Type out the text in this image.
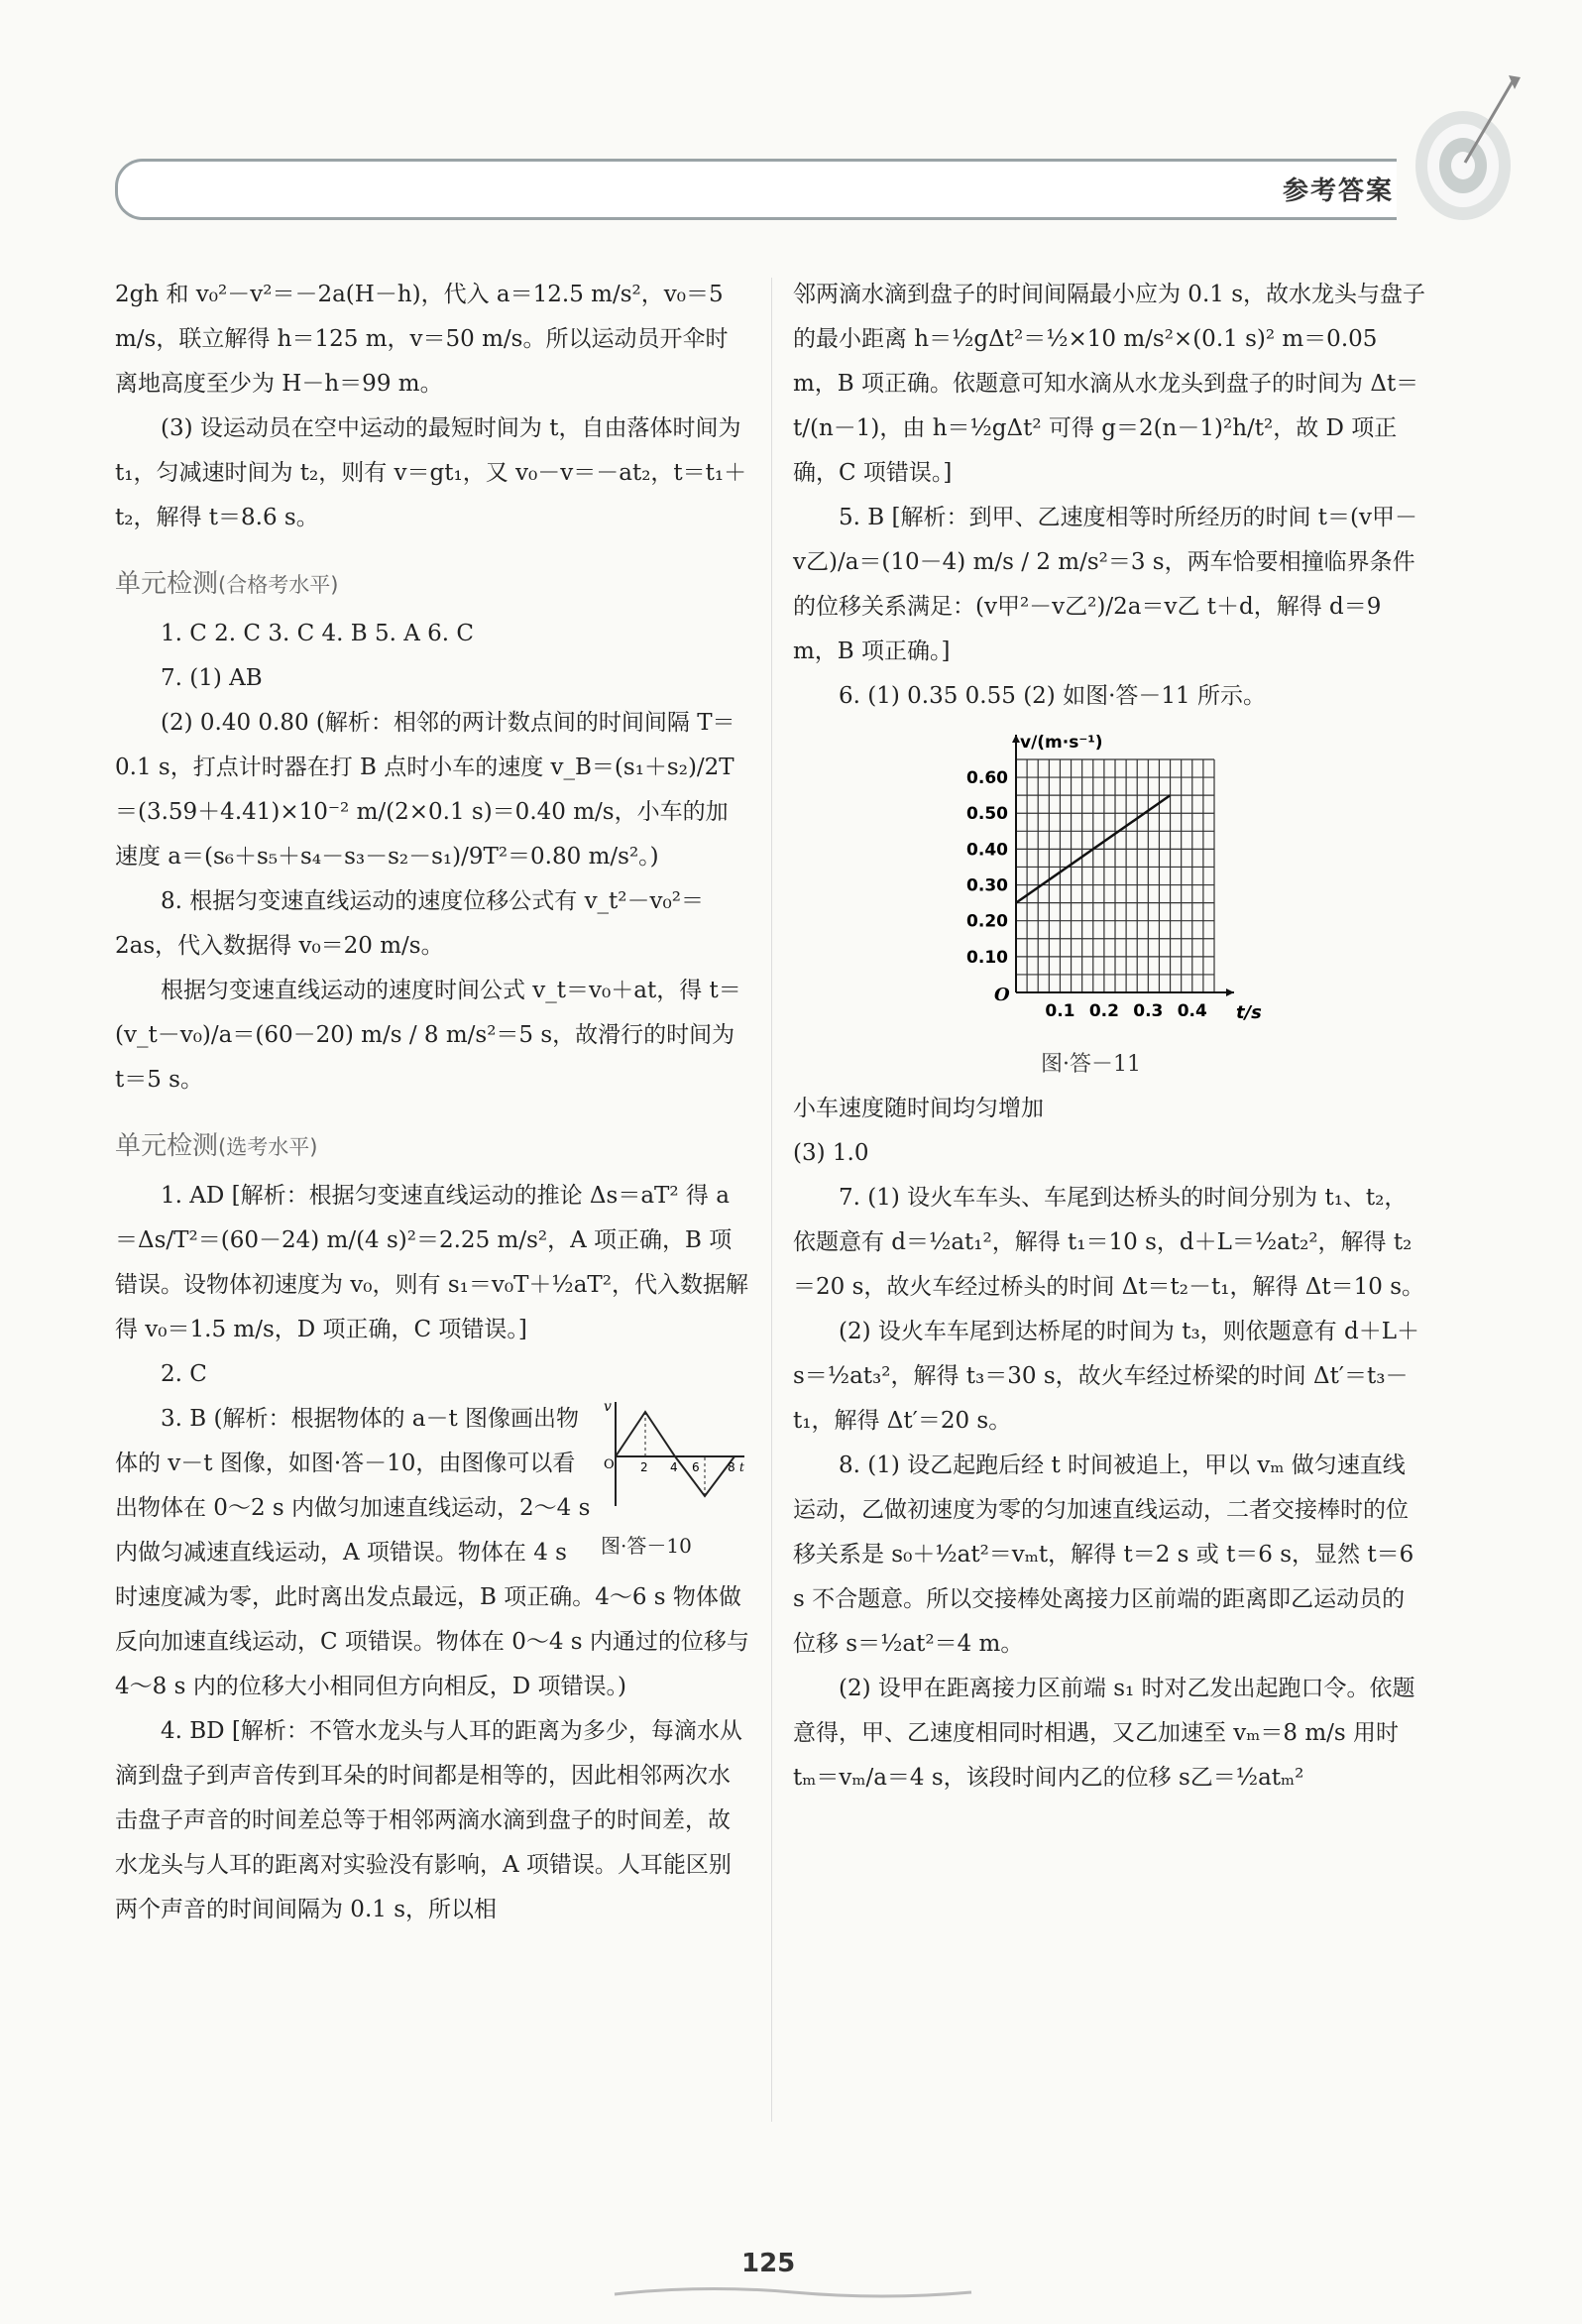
参考答案

2gh 和 v₀²－v²＝－2a(H－h)，代入 a＝12.5 m/s²，v₀＝5 m/s，联立解得 h＝125 m，v＝50 m/s。所以运动员开伞时离地高度至少为 H－h＝99 m。

(3) 设运动员在空中运动的最短时间为 t，自由落体时间为 t₁，匀减速时间为 t₂，则有 v＝gt₁，又 v₀－v＝－at₂，t＝t₁＋t₂，解得 t＝8.6 s。

单元检测(合格考水平)

1. C 2. C 3. C 4. B 5. A 6. C

7. (1) AB

(2) 0.40 0.80 (解析：相邻的两计数点间的时间间隔 T＝0.1 s，打点计时器在打 B 点时小车的速度 v_B＝(s₁＋s₂)/2T＝(3.59＋4.41)×10⁻² m/(2×0.1 s)＝0.40 m/s，小车的加速度 a＝(s₆＋s₅＋s₄－s₃－s₂－s₁)/9T²＝0.80 m/s²。)

8. 根据匀变速直线运动的速度位移公式有 v_t²－v₀²＝2as，代入数据得 v₀＝20 m/s。

根据匀变速直线运动的速度时间公式 v_t＝v₀＋at，得 t＝(v_t－v₀)/a＝(60－20) m/s / 8 m/s²＝5 s，故滑行的时间为 t＝5 s。

单元检测(选考水平)

1. AD [解析：根据匀变速直线运动的推论 Δs＝aT² 得 a＝Δs/T²＝(60－24) m/(4 s)²＝2.25 m/s²，A 项正确，B 项错误。设物体初速度为 v₀，则有 s₁＝v₀T＋½aT²，代入数据解得 v₀＝1.5 m/s，D 项正确，C 项错误。]

2. C

v
O 2 4 6 8 t
图·答－10

3. B (解析：根据物体的 a－t 图像画出物体的 v－t 图像，如图·答－10，由图像可以看出物体在 0～2 s 内做匀加速直线运动，2～4 s 内做匀减速直线运动，A 项错误。物体在 4 s 时速度减为零，此时离出发点最远，B 项正确。4～6 s 物体做反向加速直线运动，C 项错误。物体在 0～4 s 内通过的位移与 4～8 s 内的位移大小相同但方向相反，D 项错误。)

4. BD [解析：不管水龙头与人耳的距离为多少，每滴水从滴到盘子到声音传到耳朵的时间都是相等的，因此相邻两次水击盘子声音的时间差总等于相邻两滴水滴到盘子的时间差，故水龙头与人耳的距离对实验没有影响，A 项错误。人耳能区别两个声音的时间间隔为 0.1 s，所以相

邻两滴水滴到盘子的时间间隔最小应为 0.1 s，故水龙头与盘子的最小距离 h＝½gΔt²＝½×10 m/s²×(0.1 s)² m＝0.05 m，B 项正确。依题意可知水滴从水龙头到盘子的时间为 Δt＝t/(n－1)，由 h＝½gΔt² 可得 g＝2(n－1)²h/t²，故 D 项正确，C 项错误。]

5. B [解析：到甲、乙速度相等时所经历的时间 t＝(v甲－v乙)/a＝(10－4) m/s / 2 m/s²＝3 s，两车恰要相撞临界条件的位移关系满足：(v甲²－v乙²)/2a＝v乙 t＋d，解得 d＝9 m，B 项正确。]

6. (1) 0.35 0.55 (2) 如图·答－11 所示。

0.1 0.2 0.3 0.4
0.10
0.20
0.30
0.40
0.50
0.60
O
t/s
v/(m·s⁻¹)
图·答－11

小车速度随时间均匀增加

(3) 1.0

7. (1) 设火车车头、车尾到达桥头的时间分别为 t₁、t₂，依题意有 d＝½at₁²，解得 t₁＝10 s，d＋L＝½at₂²，解得 t₂＝20 s，故火车经过桥头的时间 Δt＝t₂－t₁，解得 Δt＝10 s。

(2) 设火车车尾到达桥尾的时间为 t₃，则依题意有 d＋L＋s＝½at₃²，解得 t₃＝30 s，故火车经过桥梁的时间 Δt′＝t₃－t₁，解得 Δt′＝20 s。

8. (1) 设乙起跑后经 t 时间被追上，甲以 vₘ 做匀速直线运动，乙做初速度为零的匀加速直线运动，二者交接棒时的位移关系是 s₀＋½at²＝vₘt，解得 t＝2 s 或 t＝6 s，显然 t＝6 s 不合题意。所以交接棒处离接力区前端的距离即乙运动员的位移 s＝½at²＝4 m。

(2) 设甲在距离接力区前端 s₁ 时对乙发出起跑口令。依题意得，甲、乙速度相同时相遇，又乙加速至 vₘ＝8 m/s 用时 tₘ＝vₘ/a＝4 s，该段时间内乙的位移 s乙＝½atₘ²

125
